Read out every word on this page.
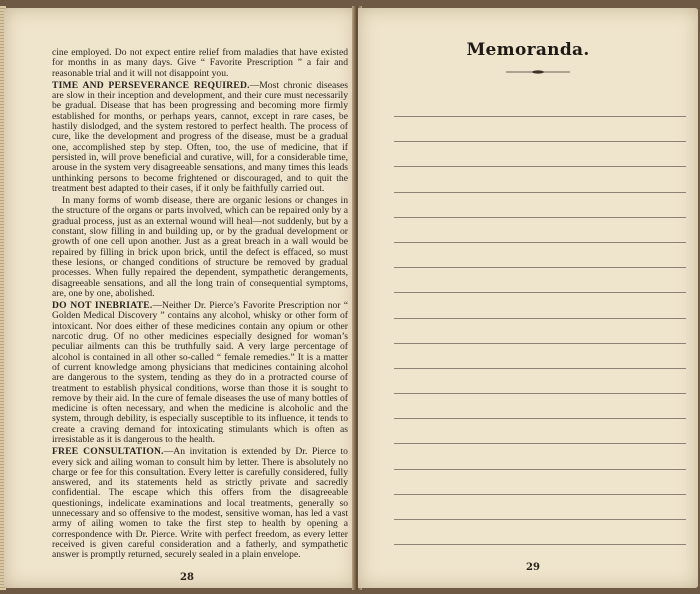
cine employed. Do not expect entire relief from maladies that have existed for months in as many days. Give “ Favorite Prescription ” a fair and reasonable trial and it will not disappoint you.

TIME AND PERSEVERANCE REQUIRED.—Most chronic diseases are slow in their inception and development, and their cure must necessarily be gradual. Disease that has been progressing and becoming more firmly established for months, or perhaps years, cannot, except in rare cases, be hastily dislodged, and the system restored to perfect health. The process of cure, like the development and progress of the disease, must be a gradual one, accomplished step by step. Often, too, the use of medicine, that if persisted in, will prove beneficial and curative, will, for a considerable time, arouse in the system very disagreeable sensations, and many times this leads unthinking persons to become frightened or discouraged, and to quit the treatment best adapted to their cases, if it only be faithfully carried out.

In many forms of womb disease, there are organic lesions or changes in the structure of the organs or parts involved, which can be repaired only by a gradual process, just as an external wound will heal—not suddenly, but by a constant, slow filling in and building up, or by the gradual development or growth of one cell upon another. Just as a great breach in a wall would be repaired by filling in brick upon brick, until the defect is effaced, so must these lesions, or changed conditions of structure be removed by gradual processes. When fully repaired the dependent, sympathetic derangements, disagreeable sensations, and all the long train of consequential symptoms, are, one by one, abolished.

DO NOT INEBRIATE.—Neither Dr. Pierce’s Favorite Prescription nor “ Golden Medical Discovery ” contains any alcohol, whisky or other form of intoxicant. Nor does either of these medicines contain any opium or other narcotic drug. Of no other medicines especially designed for woman’s peculiar ailments can this be truthfully said. A very large percentage of alcohol is contained in all other so-called “ female remedies.” It is a matter of current knowledge among physicians that medicines containing alcohol are dangerous to the system, tending as they do in a protracted course of treatment to establish physical conditions, worse than those it is sought to remove by their aid. In the cure of female diseases the use of many bottles of medicine is often necessary, and when the medicine is alcoholic and the system, through debility, is especially susceptible to its influence, it tends to create a craving demand for intoxicating stimulants which is often as irresistable as it is dangerous to the health.

FREE CONSULTATION.—An invitation is extended by Dr. Pierce to every sick and ailing woman to consult him by letter. There is absolutely no charge or fee for this consultation. Every letter is carefully considered, fully answered, and its statements held as strictly private and sacredly confidential. The escape which this offers from the disagreeable questionings, indelicate examinations and local treatments, generally so unnecessary and so offensive to the modest, sensitive woman, has led a vast army of ailing women to take the first step to health by opening a correspondence with Dr. Pierce. Write with perfect freedom, as every letter received is given careful consideration and a fatherly, and sympathetic answer is promptly returned, securely sealed in a plain envelope.

28
Memoranda.
29
